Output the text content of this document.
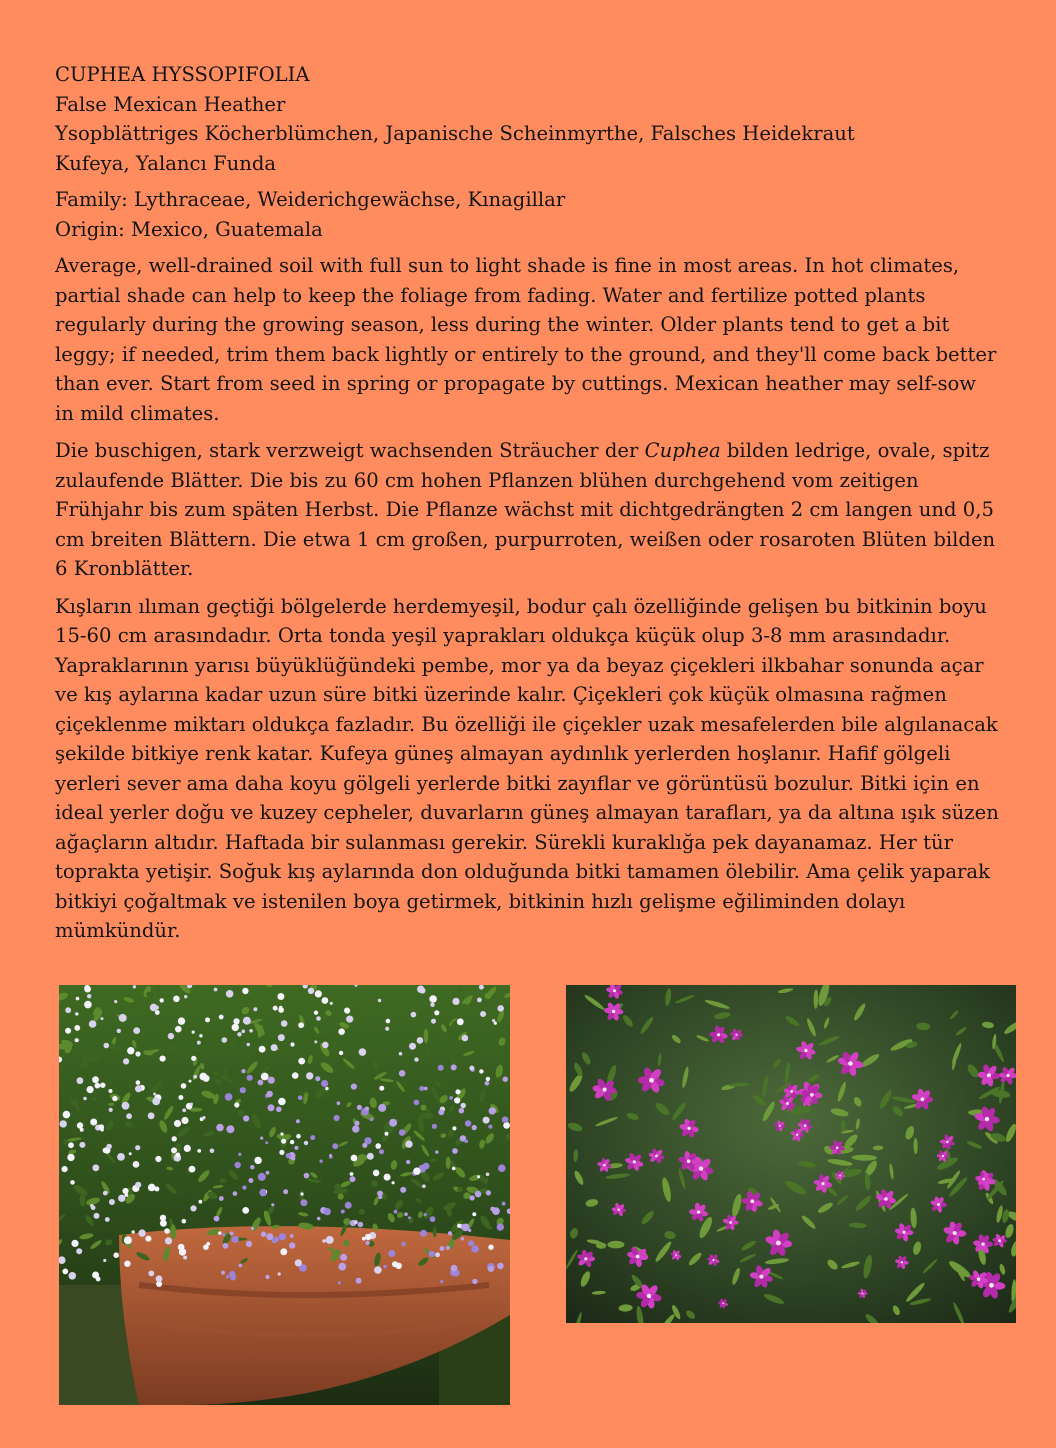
CUPHEA HYSSOPIFOLIA
False Mexican Heather
Ysopblättriges Köcherblümchen, Japanische Scheinmyrthe, Falsches Heidekraut
Kufeya, Yalancı Funda
Family: Lythraceae, Weiderichgewächse, Kınagillar
Origin: Mexico, Guatemala

Average, well-drained soil with full sun to light shade is fine in most areas. In hot climates, partial shade can help to keep the foliage from fading. Water and fertilize potted plants regularly during the growing season, less during the winter. Older plants tend to get a bit leggy; if needed, trim them back lightly or entirely to the ground, and they'll come back better than ever. Start from seed in spring or propagate by cuttings. Mexican heather may self-sow in mild climates.

Die buschigen, stark verzweigt wachsenden Sträucher der Cuphea bilden ledrige, ovale, spitz zulaufende Blätter. Die bis zu 60 cm hohen Pflanzen blühen durchgehend vom zeitigen Frühjahr bis zum späten Herbst. Die Pflanze wächst mit dichtgedrängten 2 cm langen und 0,5 cm breiten Blättern. Die etwa 1 cm großen, purpurroten, weißen oder rosaroten Blüten bilden 6 Kronblätter.

Kışların ılıman geçtiği bölgelerde herdemyeşil, bodur çalı özelliğinde gelişen bu bitkinin boyu 15-60 cm arasındadır. Orta tonda yeşil yaprakları oldukça küçük olup 3-8 mm arasındadır. Yapraklarının yarısı büyüklüğündeki pembe, mor ya da beyaz çiçekleri ilkbahar sonunda açar ve kış aylarına kadar uzun süre bitki üzerinde kalır. Çiçekleri çok küçük olmasına rağmen çiçeklenme miktarı oldukça fazladır. Bu özelliği ile çiçekler uzak mesafelerden bile algılanacak şekilde bitkiye renk katar. Kufeya güneş almayan aydınlık yerlerden hoşlanır. Hafif gölgeli yerleri sever ama daha koyu gölgeli yerlerde bitki zayıflar ve görüntüsü bozulur. Bitki için en ideal yerler doğu ve kuzey cepheler, duvarların güneş almayan tarafları, ya da altına ışık süzen ağaçların altıdır. Haftada bir sulanması gerekir. Sürekli kuraklığa pek dayanamaz. Her tür toprakta yetişir. Soğuk kış aylarında don olduğunda bitki tamamen ölebilir. Ama çelik yaparak bitkiyi çoğaltmak ve istenilen boya getirmek, bitkinin hızlı gelişme eğiliminden dolayı mümkündür.
